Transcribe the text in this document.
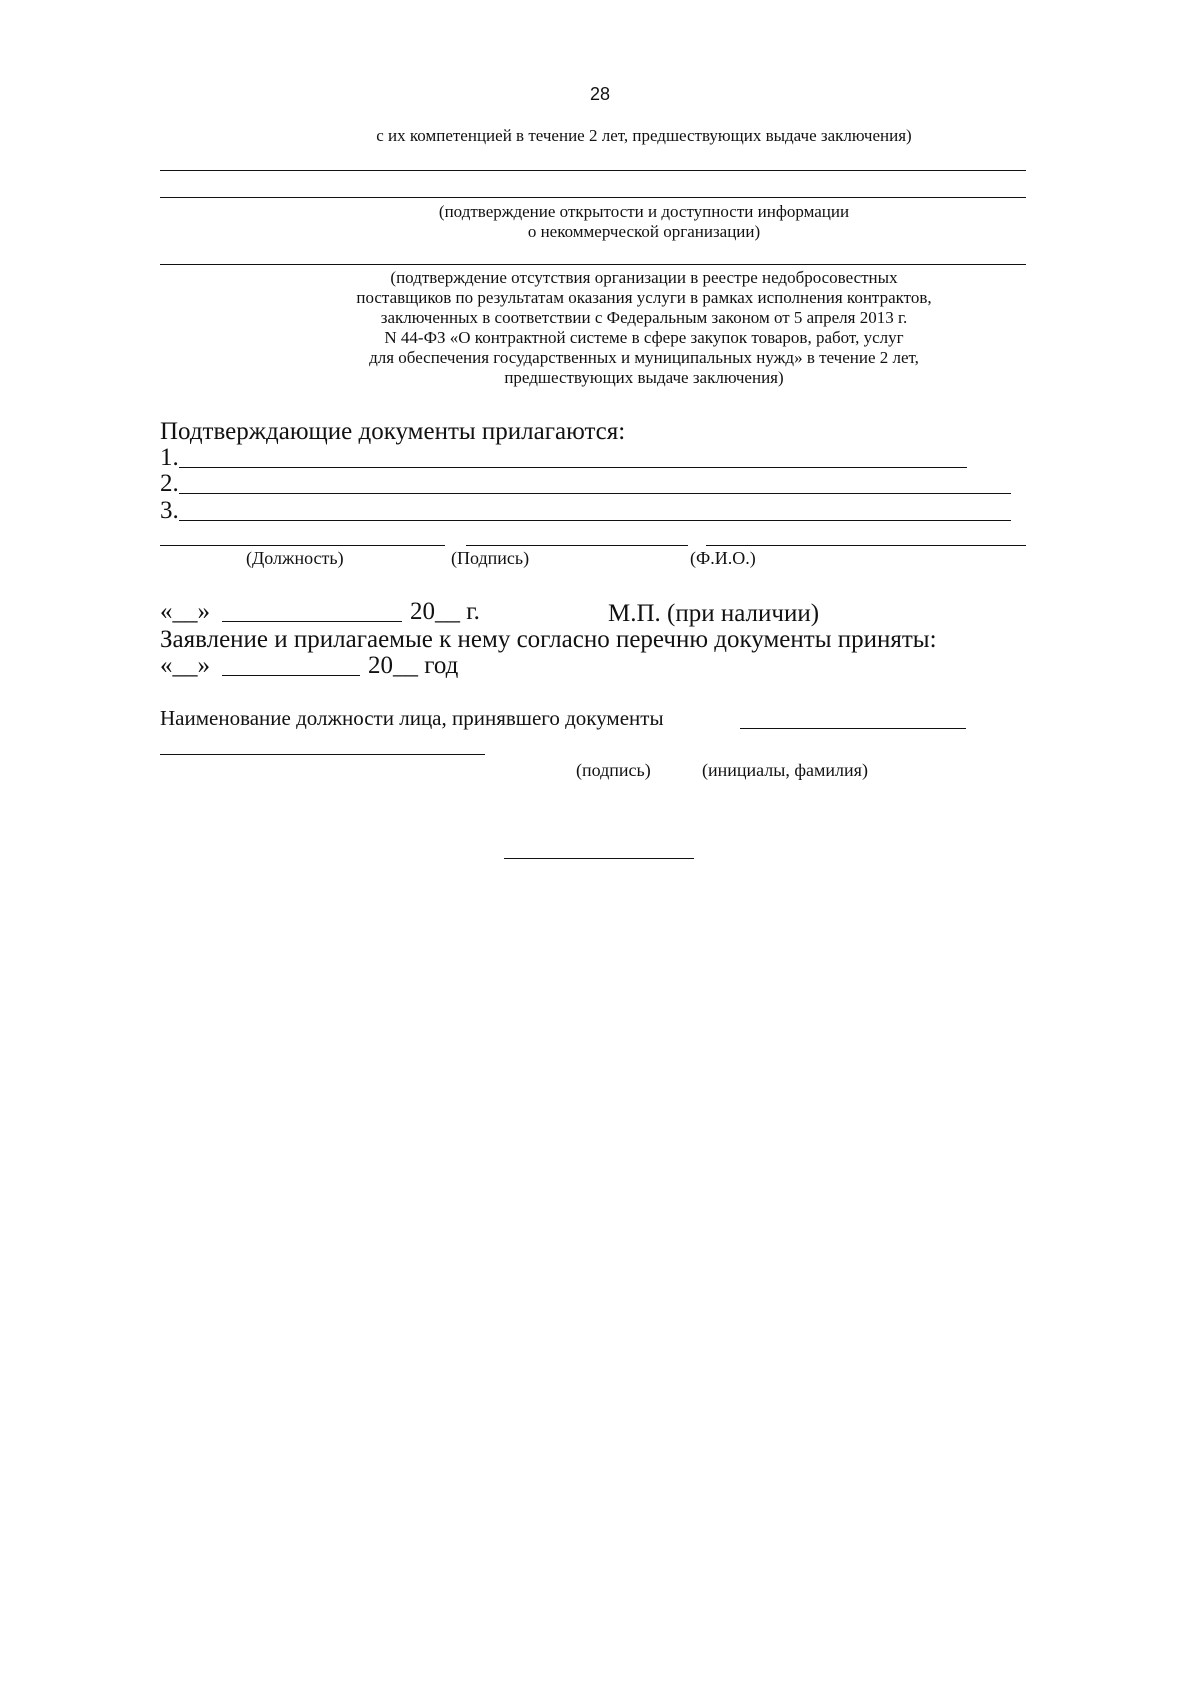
28
с их компетенцией в течение 2 лет, предшествующих выдаче заключения)
(подтверждение открытости и доступности информации
о некоммерческой организации)
(подтверждение отсутствия организации в реестре недобросовестных
поставщиков по результатам оказания услуги в рамках исполнения контрактов,
заключенных в соответствии с Федеральным законом от 5 апреля 2013 г.
N 44-ФЗ «О контрактной системе в сфере закупок товаров, работ, услуг
для обеспечения государственных и муниципальных нужд» в течение 2 лет,
предшествующих выдаче заключения)
Подтверждающие документы прилагаются:
1.
2.
3.
(Должность)	(Подпись)	(Ф.И.О.)
«__»	20__ г.	М.П. (при наличии)
Заявление и прилагаемые к нему согласно перечню документы приняты:
«__»	20__ год
Наименование должности лица, принявшего документы
(подпись)	(инициалы, фамилия)
